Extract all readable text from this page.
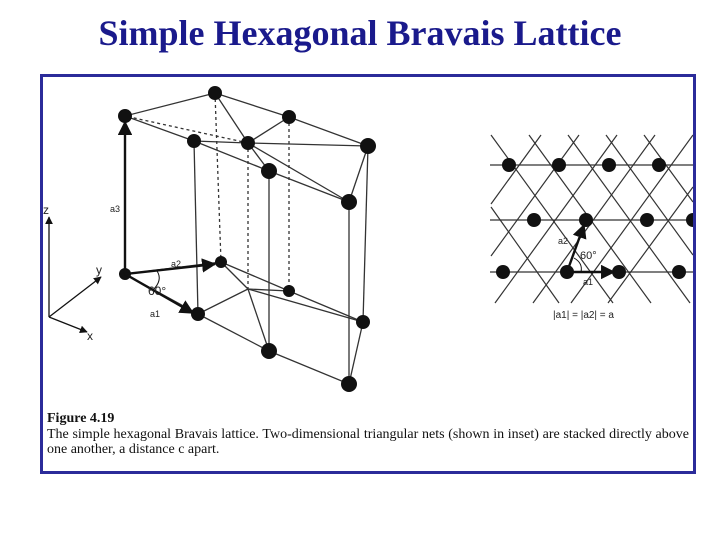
Simple Hexagonal Bravais Lattice
z
y
x
a3
a2
a1
60°
60°
a2
a1
|a1| = |a2| = a
Figure 4.19
The simple hexagonal Bravais lattice. Two-dimensional triangular nets (shown in inset) are stacked directly above one another, a distance c apart.
